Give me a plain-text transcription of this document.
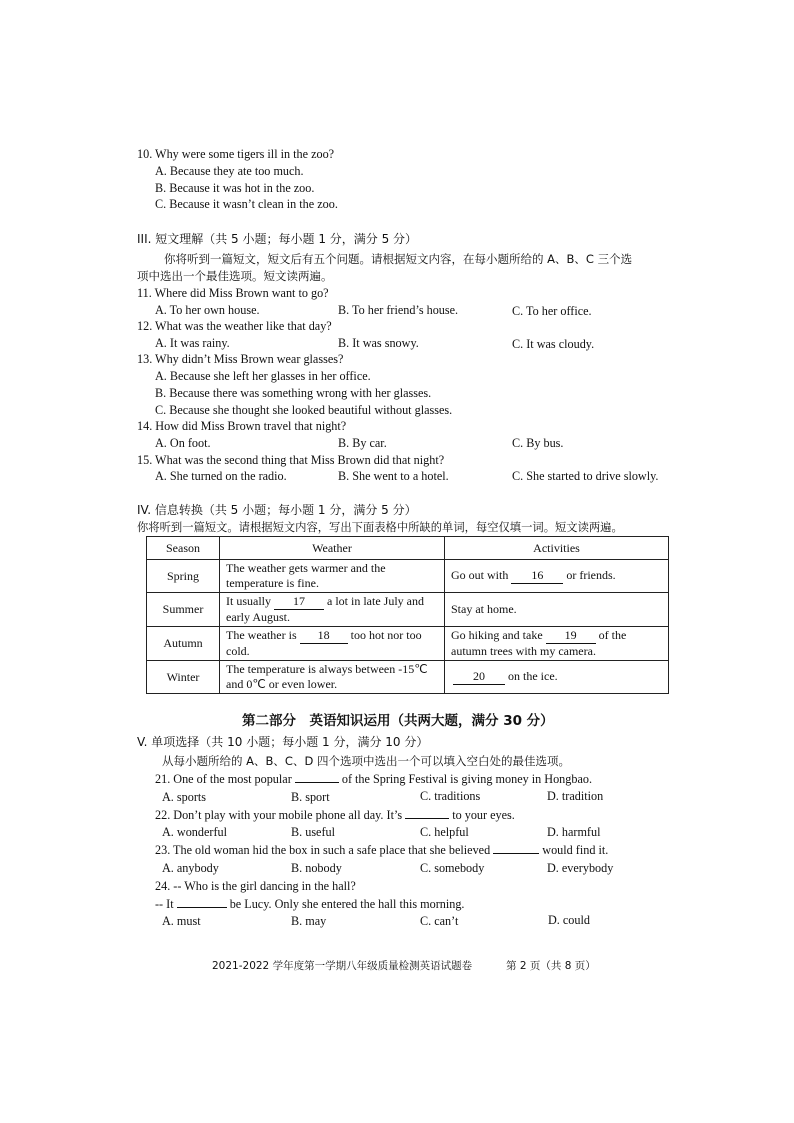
10. Why were some tigers ill in the zoo?
A. Because they ate too much.
B. Because it was hot in the zoo.
C. Because it wasn’t clean in the zoo.
III. 短文理解（共 5 小题；每小题 1 分，满分 5 分）
你将听到一篇短文，短文后有五个问题。请根据短文内容，在每小题所给的 A、B、C 三个选
项中选出一个最佳选项。短文读两遍。
11. Where did Miss Brown want to go?
A. To her own house.	B. To her friend’s house.	C. To her office.
12. What was the weather like that day?
A. It was rainy.	B. It was snowy.	C. It was cloudy.
13. Why didn’t Miss Brown wear glasses?
A. Because she left her glasses in her office.
B. Because there was something wrong with her glasses.
C. Because she thought she looked beautiful without glasses.
14. How did Miss Brown travel that night?
A. On foot.	B. By car.	C. By bus.
15. What was the second thing that Miss Brown did that night?
A. She turned on the radio.	B. She went to a hotel.	C. She started to drive slowly.
IV. 信息转换（共 5 小题；每小题 1 分，满分 5 分）
你将听到一篇短文。请根据短文内容，写出下面表格中所缺的单词，每空仅填一词。短文读两遍。
Season	Weather	Activities
Spring	The weather gets warmer and the temperature is fine.	Go out with 16 or friends.
Summer	It usually 17 a lot in late July and early August.	Stay at home.
Autumn	The weather is 18 too hot nor too cold.	Go hiking and take 19 of the autumn trees with my camera.
Winter	The temperature is always between -15℃ and 0℃ or even lower.	20 on the ice.
第二部分　英语知识运用（共两大题，满分 30 分）
V. 单项选择（共 10 小题；每小题 1 分，满分 10 分）
从每小题所给的 A、B、C、D 四个选项中选出一个可以填入空白处的最佳选项。
21. One of the most popular	of the Spring Festival is giving money in Hongbao.
A. sports	B. sport	C. traditions	D. tradition
22. Don’t play with your mobile phone all day. It’s	to your eyes.
A. wonderful	B. useful	C. helpful	D. harmful
23. The old woman hid the box in such a safe place that she believed	would find it.
A. anybody	B. nobody	C. somebody	D. everybody
24. -- Who is the girl dancing in the hall?
-- It	be Lucy. Only she entered the hall this morning.
A. must	B. may	C. can’t	D. could
2021-2022 学年度第一学期八年级质量检测英语试题卷	第 2 页（共 8 页）
